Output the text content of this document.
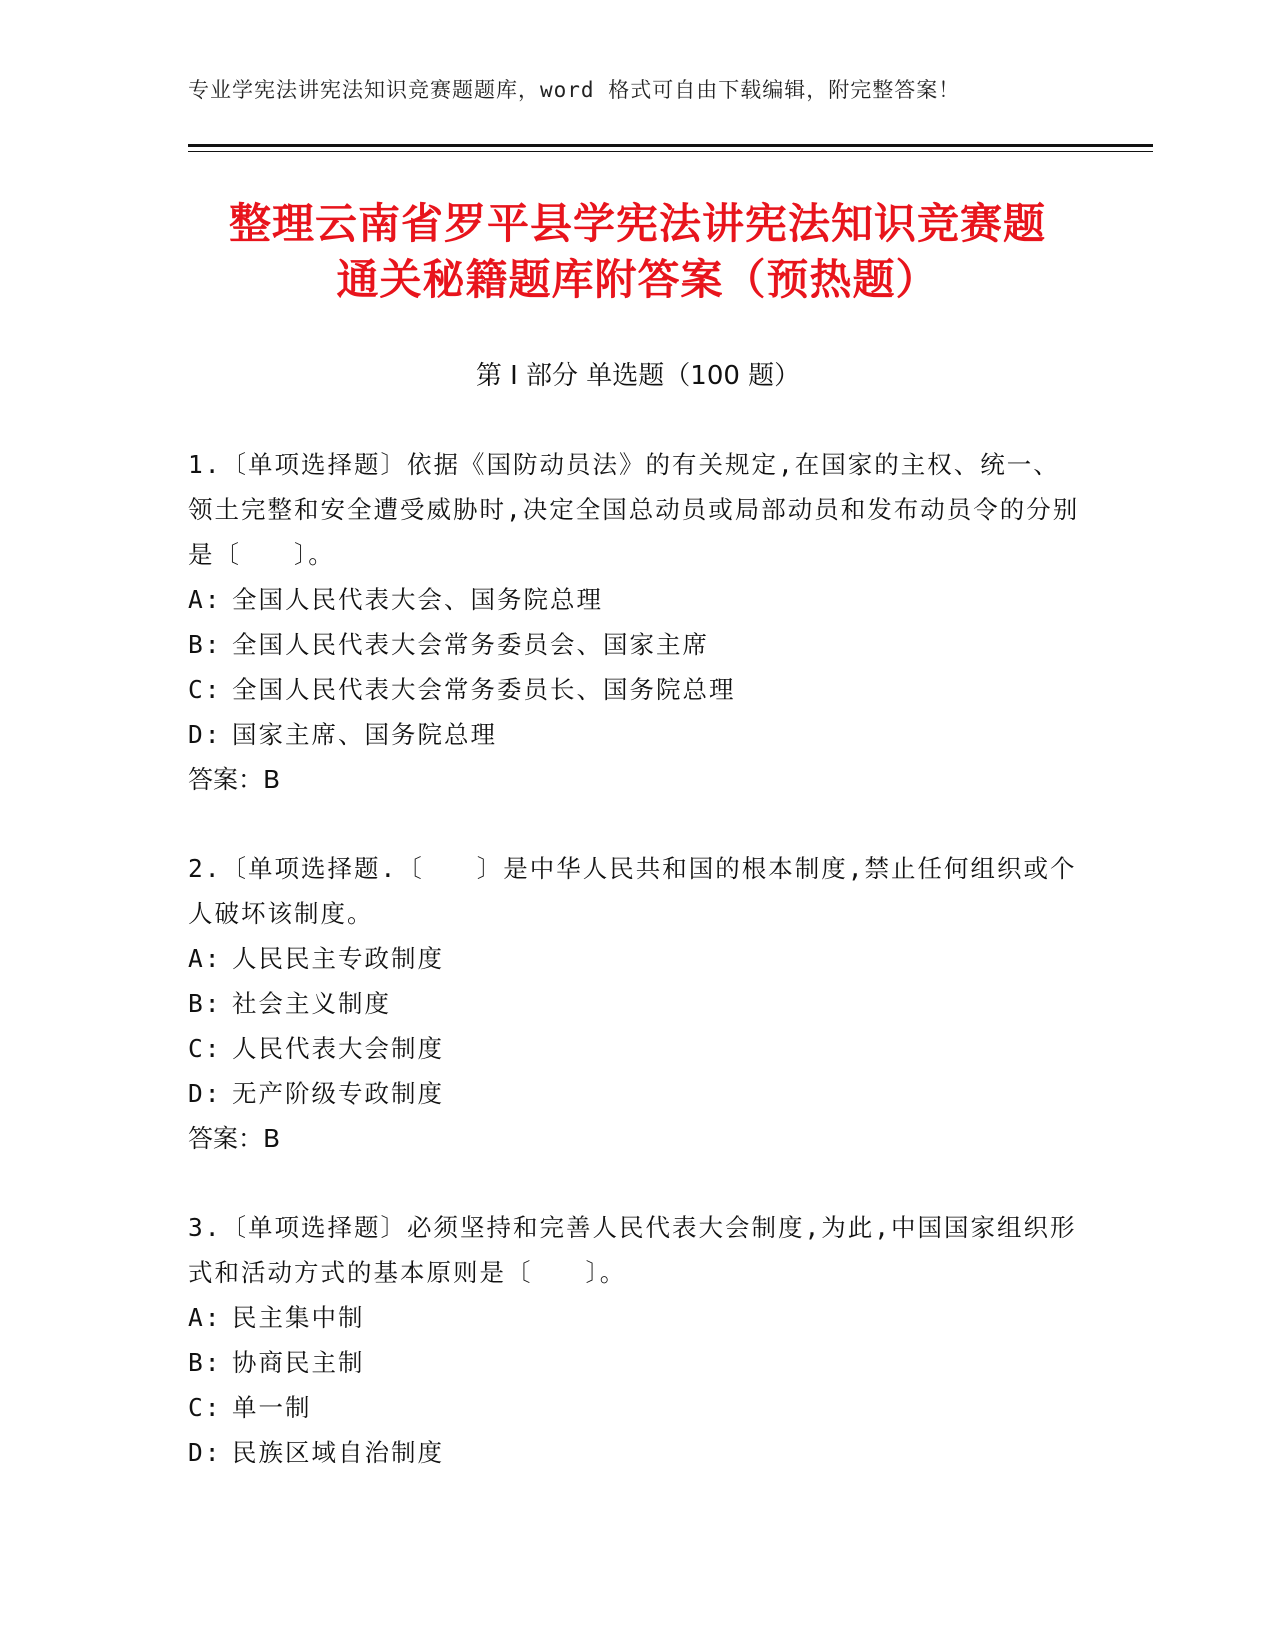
专业学宪法讲宪法知识竞赛题题库，word 格式可自由下载编辑，附完整答案！
整理云南省罗平县学宪法讲宪法知识竞赛题
通关秘籍题库附答案（预热题）
第 I 部分 单选题（100 题）

1.〔单项选择题〕依据《国防动员法》的有关规定,在国家的主权、统一、领土完整和安全遭受威胁时,决定全国总动员或局部动员和发布动员令的分别是〔　　〕。

A: 全国人民代表大会、国务院总理
B: 全国人民代表大会常务委员会、国家主席
C: 全国人民代表大会常务委员长、国务院总理
D: 国家主席、国务院总理
答案：B

2.〔单项选择题.〔　　〕是中华人民共和国的根本制度,禁止任何组织或个人破坏该制度。

A: 人民民主专政制度
B: 社会主义制度
C: 人民代表大会制度
D: 无产阶级专政制度
答案：B

3.〔单项选择题〕必须坚持和完善人民代表大会制度,为此,中国国家组织形式和活动方式的基本原则是〔　　〕。

A: 民主集中制
B: 协商民主制
C: 单一制
D: 民族区域自治制度
